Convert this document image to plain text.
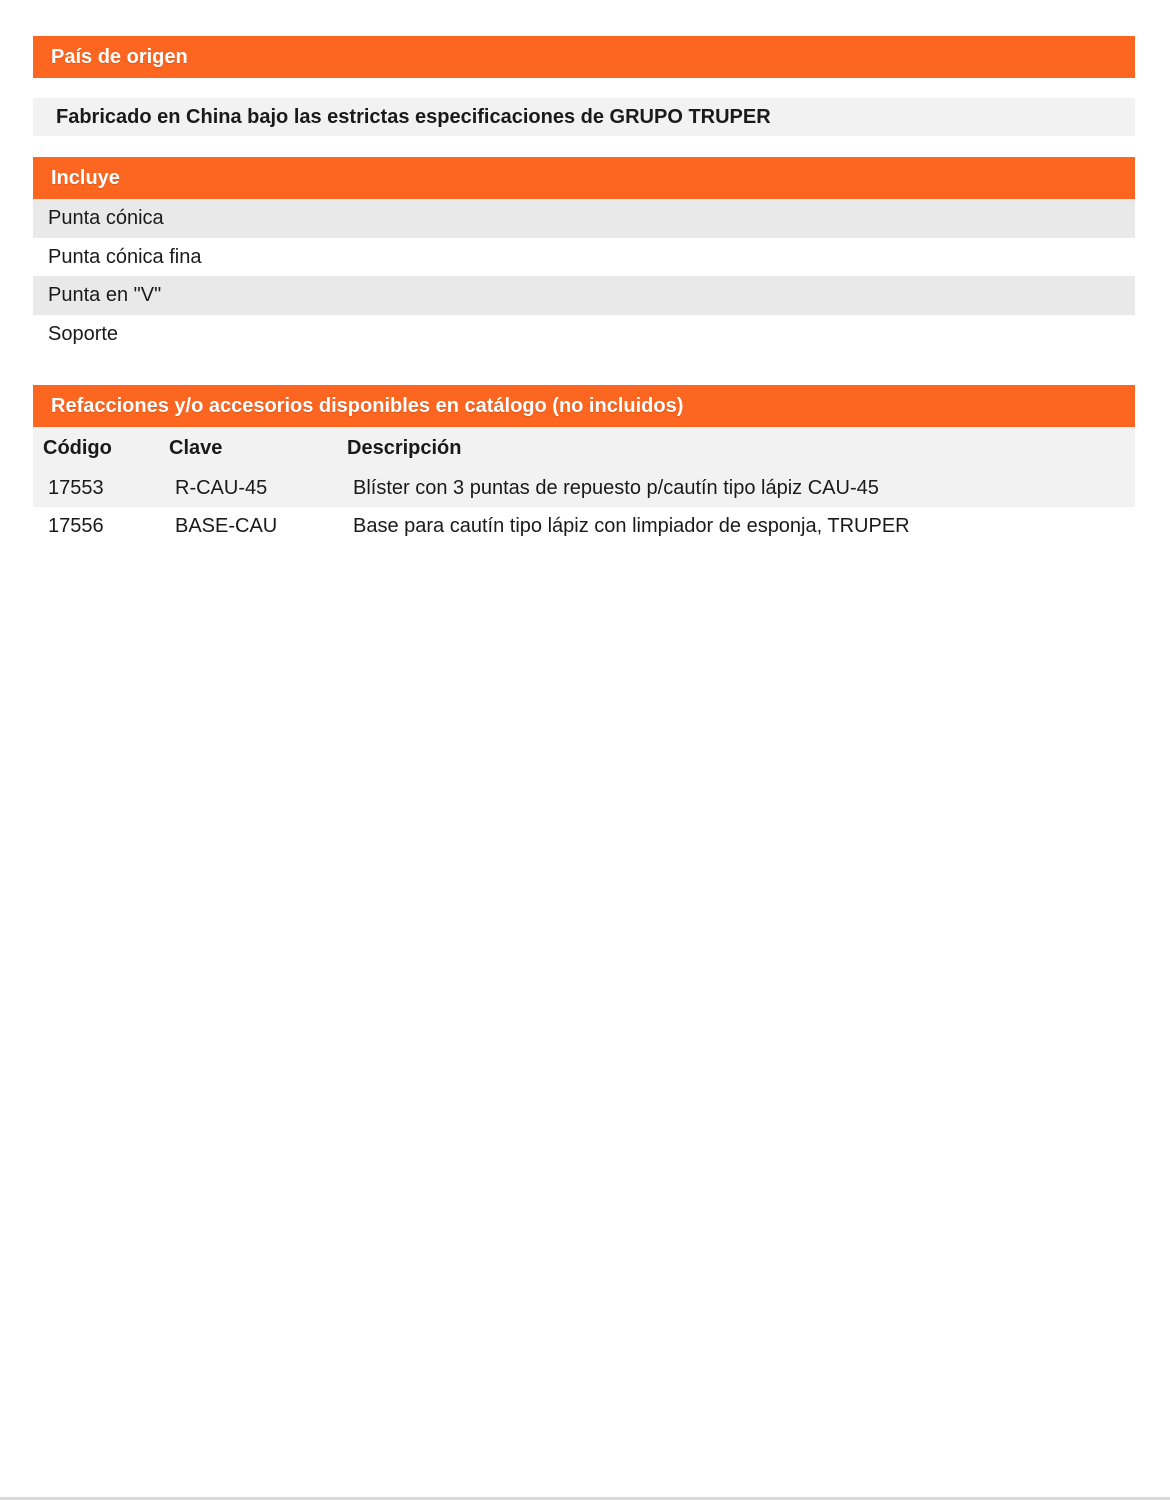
País de origen
Fabricado en China bajo las estrictas especificaciones de GRUPO TRUPER
Incluye
Punta cónica
Punta cónica fina
Punta en "V"
Soporte
Refacciones y/o accesorios disponibles en catálogo (no incluidos)
Código	Clave	Descripción
17553	R-CAU-45	Blíster con 3 puntas de repuesto p/cautín tipo lápiz CAU-45
17556	BASE-CAU	Base para cautín tipo lápiz con limpiador de esponja, TRUPER
